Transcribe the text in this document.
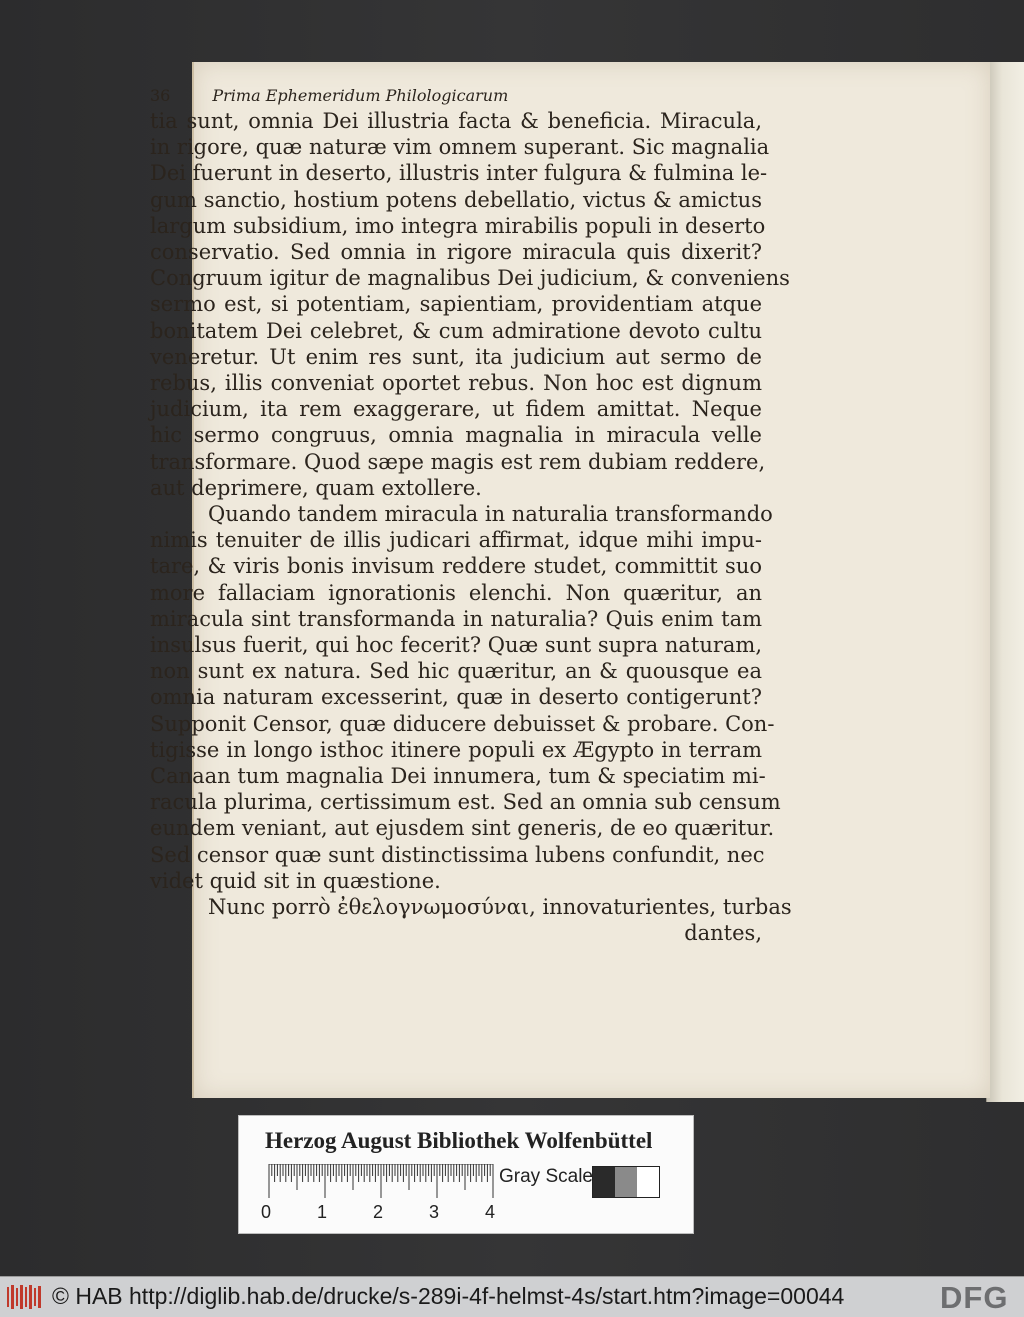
36	Prima Ephemeridum Philologicarum
tia sunt, omnia Dei illustria facta & beneficia. Miracula,
in rigore, quæ naturæ vim omnem superant. Sic magnalia
Dei fuerunt in deserto, illustris inter fulgura & fulmina le-
gum sanctio, hostium potens debellatio, victus & amictus
largum subsidium, imo integra mirabilis populi in deserto
conservatio. Sed omnia in rigore miracula quis dixerit?
Congruum igitur de magnalibus Dei judicium, & conveniens
sermo est, si potentiam, sapientiam, providentiam atque
bonitatem Dei celebret, & cum admiratione devoto cultu
veneretur. Ut enim res sunt, ita judicium aut sermo de
rebus, illis conveniat oportet rebus. Non hoc est dignum
judicium, ita rem exaggerare, ut fidem amittat. Neque
hic sermo congruus, omnia magnalia in miracula velle
transformare. Quod sæpe magis est rem dubiam reddere,
aut deprimere, quam extollere.
Quando tandem miracula in naturalia transformando
nimis tenuiter de illis judicari affirmat, idque mihi impu-
tare, & viris bonis invisum reddere studet, committit suo
more fallaciam ignorationis elenchi. Non quæritur, an
miracula sint transformanda in naturalia? Quis enim tam
insulsus fuerit, qui hoc fecerit? Quæ sunt supra naturam,
non sunt ex natura. Sed hic quæritur, an & quousque ea
omnia naturam excesserint, quæ in deserto contigerunt?
Supponit Censor, quæ diducere debuisset & probare. Con-
tigisse in longo isthoc itinere populi ex Ægypto in terram
Canaan tum magnalia Dei innumera, tum & speciatim mi-
racula plurima, certissimum est. Sed an omnia sub censum
eundem veniant, aut ejusdem sint generis, de eo quæritur.
Sed censor quæ sunt distinctissima lubens confundit, nec
videt quid sit in quæstione.
Nunc porrò ἐθελογνωμοσύναι, innovaturientes, turbas
dantes,
Herzog August Bibliothek Wolfenbüttel
0	1	2	3	4
Gray Scale
© HAB http://diglib.hab.de/drucke/s-289i-4f-helmst-4s/start.htm?image=00044	DFG
